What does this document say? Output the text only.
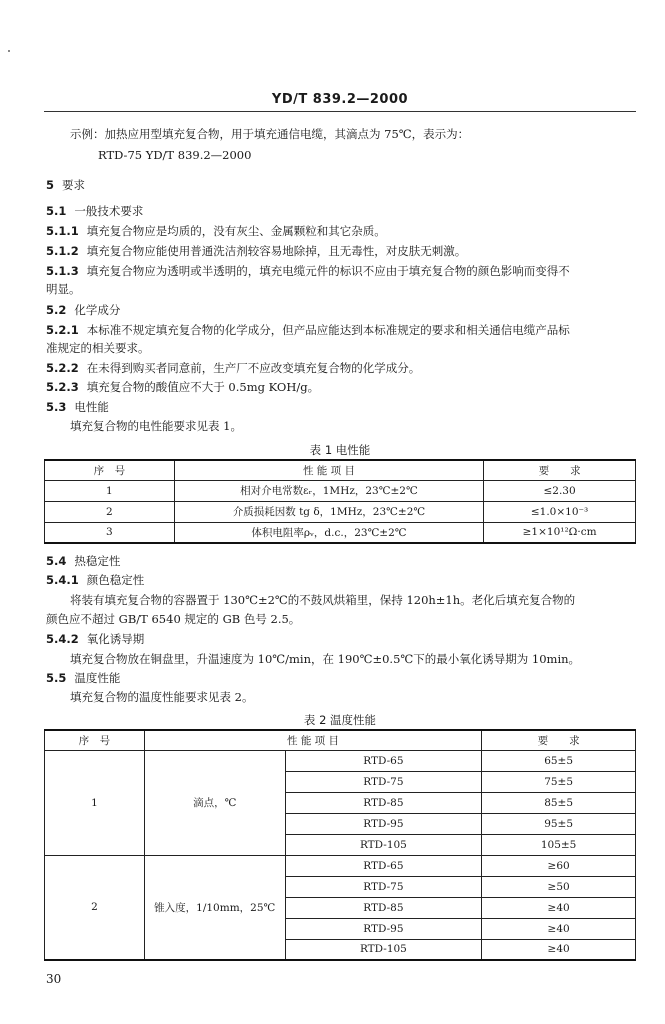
YD/T 839.2—2000
示例：加热应用型填充复合物，用于填充通信电缆，其滴点为 75℃，表示为：
RTD-75 YD/T 839.2—2000
5 要求
5.1 一般技术要求
5.1.1 填充复合物应是均质的，没有灰尘、金属颗粒和其它杂质。
5.1.2 填充复合物应能使用普通洗洁剂较容易地除掉，且无毒性，对皮肤无刺激。
5.1.3 填充复合物应为透明或半透明的，填充电缆元件的标识不应由于填充复合物的颜色影响而变得不
明显。
5.2 化学成分
5.2.1 本标准不规定填充复合物的化学成分，但产品应能达到本标准规定的要求和相关通信电缆产品标
准规定的相关要求。
5.2.2 在未得到购买者同意前，生产厂不应改变填充复合物的化学成分。
5.2.3 填充复合物的酸值应不大于 0.5mg KOH/g。
5.3 电性能
填充复合物的电性能要求见表 1。
表 1 电性能
序　号	性 能 项 目	要　　求
1	相对介电常数εᵣ，1MHz，23℃±2℃	≤2.30
2	介质损耗因数 tg δ，1MHz，23℃±2℃	≤1.0×10⁻³
3	体积电阻率ρᵥ，d.c.，23℃±2℃	≥1×10¹²Ω·cm
5.4 热稳定性
5.4.1 颜色稳定性
将装有填充复合物的容器置于 130℃±2℃的不鼓风烘箱里，保持 120h±1h。老化后填充复合物的
颜色应不超过 GB/T 6540 规定的 GB 色号 2.5。
5.4.2 氧化诱导期
填充复合物放在铜盘里，升温速度为 10℃/min，在 190℃±0.5℃下的最小氧化诱导期为 10min。
5.5 温度性能
填充复合物的温度性能要求见表 2。
表 2 温度性能
序　号	性 能 项 目		要　　求
1	滴点，℃	RTD-65	65±5
		RTD-75	75±5
		RTD-85	85±5
		RTD-95	95±5
		RTD-105	105±5
2	锥入度，1/10mm，25℃	RTD-65	≥60
		RTD-75	≥50
		RTD-85	≥40
		RTD-95	≥40
		RTD-105	≥40
30
